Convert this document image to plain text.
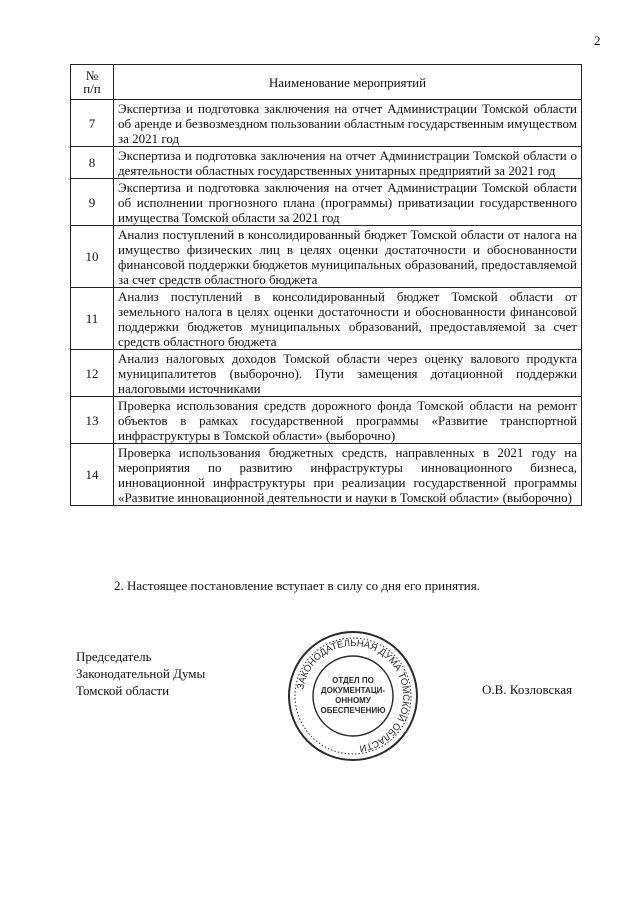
2
№
п/п	Наименование мероприятий
7	Экспертиза и подготовка заключения на отчет Администрации Томской области об аренде и безвозмездном пользовании областным государственным имуществом за 2021 год
8	Экспертиза и подготовка заключения на отчет Администрации Томской области о деятельности областных государственных унитарных предприятий за 2021 год
9	Экспертиза и подготовка заключения на отчет Администрации Томской области об исполнении прогнозного плана (программы) приватизации государственного имущества Томской области за 2021 год
10	Анализ поступлений в консолидированный бюджет Томской области от налога на имущество физических лиц в целях оценки достаточности и обоснованности финансовой поддержки бюджетов муниципальных образований, предоставляемой за счет средств областного бюджета
11	Анализ поступлений в консолидированный бюджет Томской области от земельного налога в целях оценки достаточности и обоснованности финансовой поддержки бюджетов муниципальных образований, предоставляемой за счет средств областного бюджета
12	Анализ налоговых доходов Томской области через оценку валового продукта муниципалитетов (выборочно). Пути замещения дотационной поддержки налоговыми источниками
13	Проверка использования средств дорожного фонда Томской области на ремонт объектов в рамках государственной программы «Развитие транспортной инфраструктуры в Томской области» (выборочно)
14	Проверка использования бюджетных средств, направленных в 2021 году на мероприятия по развитию инфраструктуры инновационного бизнеса, инновационной инфраструктуры при реализации государственной программы «Развитие инновационной деятельности и науки в Томской области» (выборочно)
2. Настоящее постановление вступает в силу со дня его принятия.
Председатель
Законодательной Думы
Томской области	ЗАКОНОДАТЕЛЬНАЯ ДУМА ТОМСКОЙ ОБЛАСТИ
ОТДЕЛ ПО
ДОКУМЕНТАЦИ-
ОННОМУ
ОБЕСПЕЧЕНИЮ
О.В. Козловская
